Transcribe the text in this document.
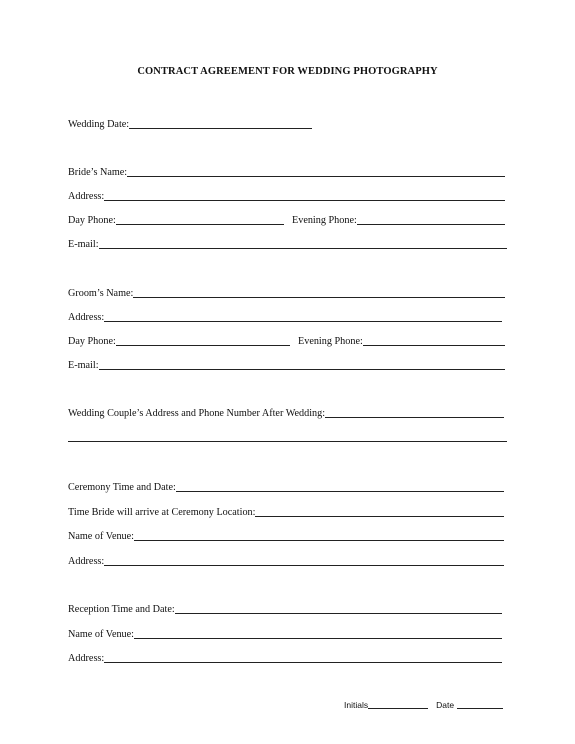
CONTRACT AGREEMENT FOR WEDDING PHOTOGRAPHY
Wedding Date:
Bride’s Name:
Address:
Day Phone:	Evening Phone:
E-mail:
Groom’s Name:
Address:
Day Phone:	Evening Phone:
E-mail:
Wedding Couple’s Address and Phone Number After Wedding:
Ceremony Time and Date:
Time Bride will arrive at Ceremony Location:
Name of Venue:
Address:
Reception Time and Date:
Name of Venue:
Address:
Initials	Date
